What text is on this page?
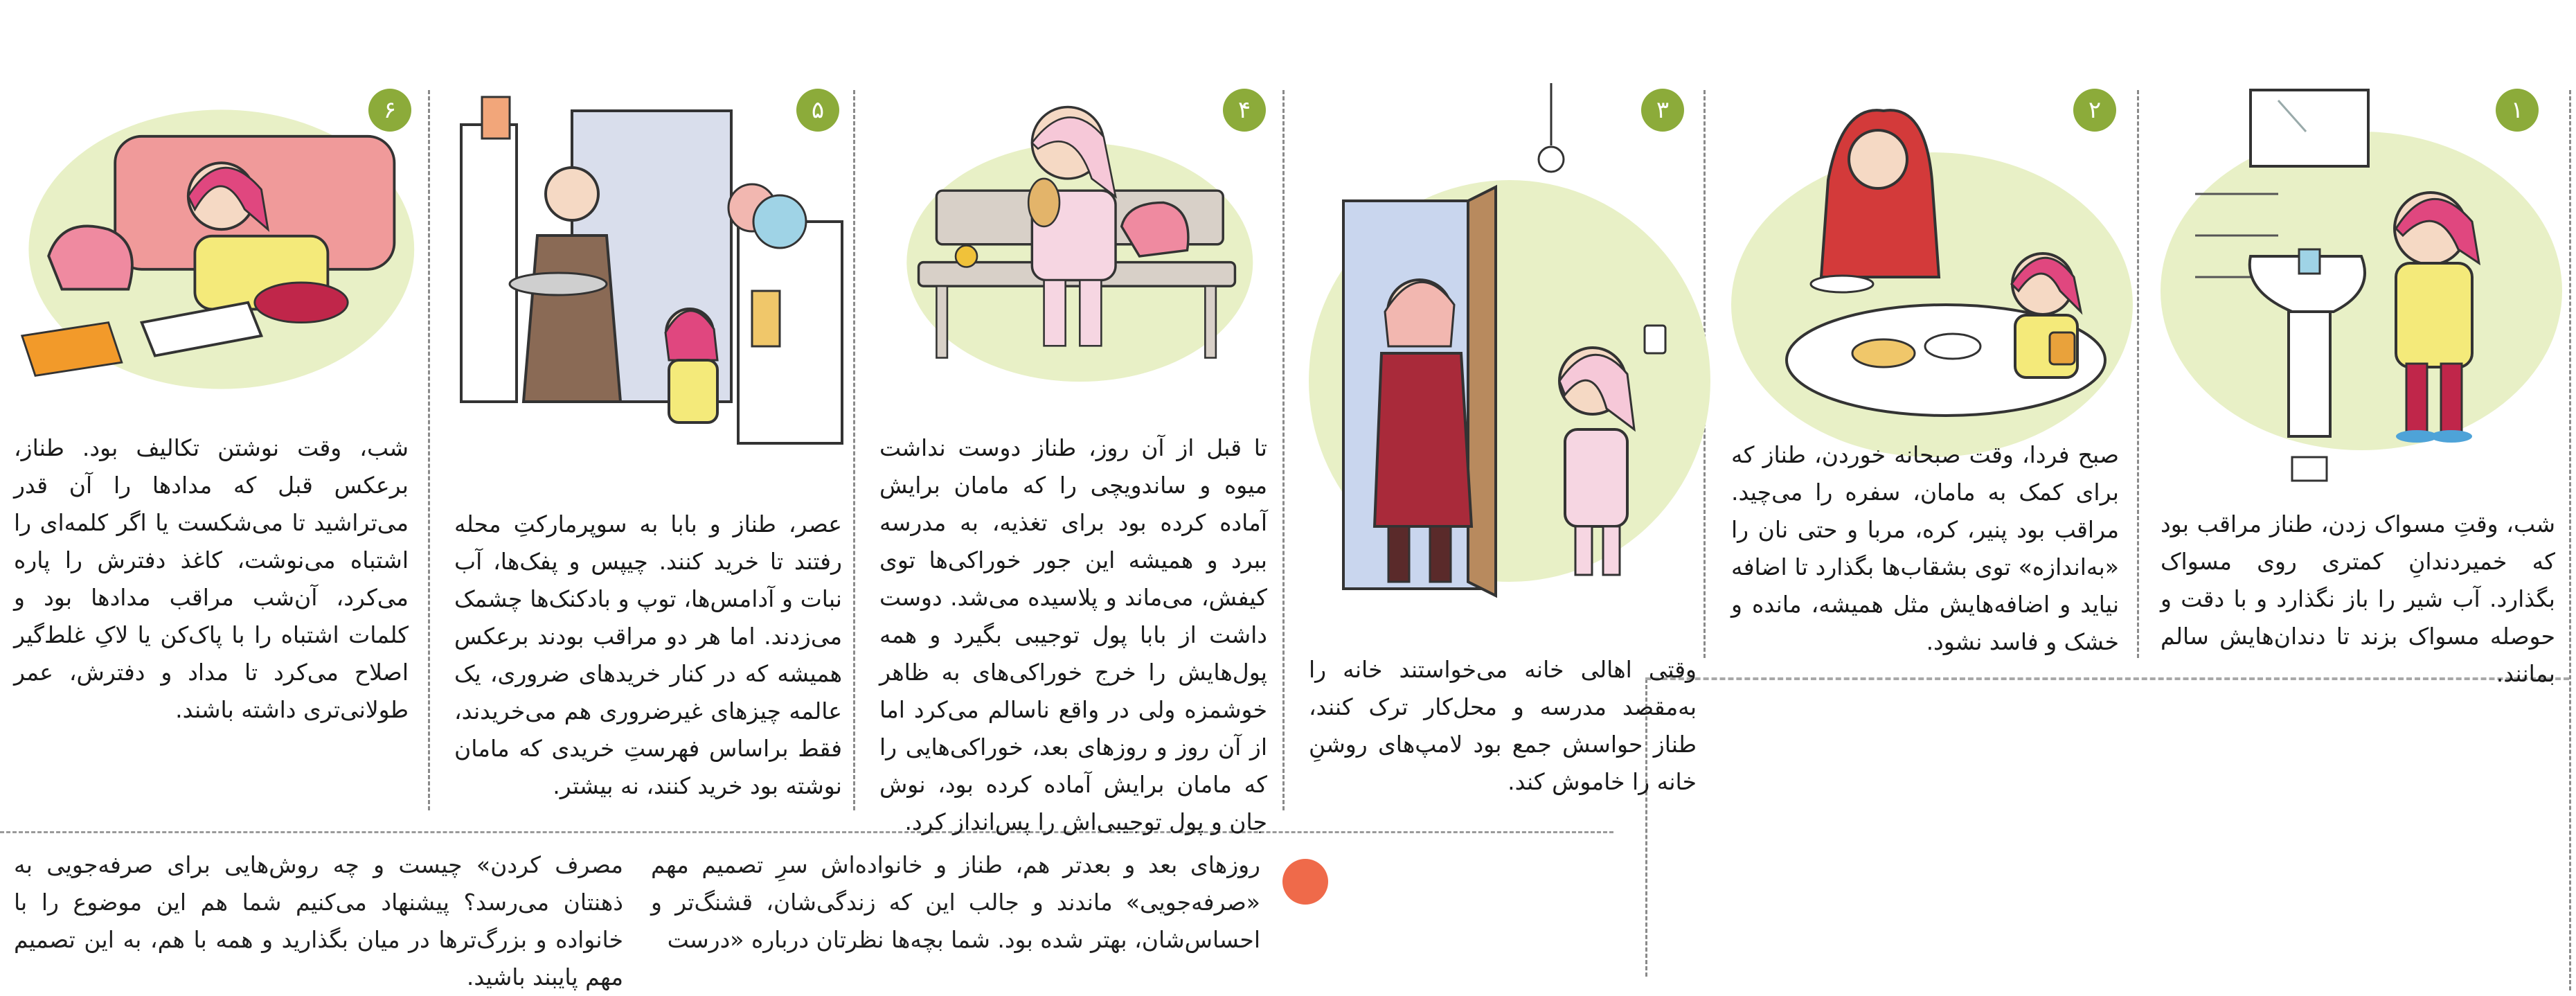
۱

شب، وقتِ مسواک زدن، طناز مراقب بود که خمیردندانِ کمتری روی مسواک بگذارد. آب شیر را باز نگذارد و با دقت و حوصله مسواک بزند تا دندان‌هایش سالم بمانند.

۲

صبح فردا، وقت صبحانه خوردن، طناز که برای کمک به مامان، سفره را می‌چید. مراقب بود پنیر، کره، مربا و حتی نان را «به‌اندازه» توی بشقاب‌ها بگذارد تا اضافه نیاید و اضافه‌هایش مثل همیشه، مانده و خشک و فاسد نشود.

۳

وقتی اهالی خانه می‌خواستند خانه را به‌مقصد مدرسه و محل‌کار ترک کنند، طناز حواسش جمع بود لامپ‌های روشنِ خانه را خاموش کند.

۴

تا قبل از آن روز، طناز دوست نداشت میوه و ساندویچی را که مامان برایش آماده کرده بود برای تغذیه، به مدرسه ببرد و همیشه این جور خوراکی‌ها توی کیفش، می‌ماند و پلاسیده می‌شد. دوست داشت از بابا پول توجیبی بگیرد و همه پول‌هایش را خرج خوراکی‌های به ظاهر خوشمزه ولی در واقع ناسالم می‌کرد اما از آن روز و روزهای بعد، خوراکی‌هایی را که مامان برایش آماده کرده بود، نوش جان و پول توجیبی‌اش را پس‌انداز کرد.

۵

عصر، طناز و بابا به سوپرمارکتِ محله رفتند تا خرید کنند. چیپس و پفک‌ها، آب نبات و آدامس‌ها، توپ و بادکنک‌ها چشمک می‌زدند. اما هر دو مراقب بودند برعکس همیشه که در کنار خریدهای ضروری، یک عالمه چیزهای غیرضروری هم می‌خریدند، فقط براساس فهرستِ خریدی که مامان نوشته بود خرید کنند، نه بیشتر.

۶

شب، وقت نوشتن تکالیف بود. طناز، برعکس قبل که مدادها را آن قدر می‌تراشید تا می‌شکست یا اگر کلمه‌ای را اشتباه می‌نوشت، کاغذ دفترش را پاره می‌کرد، آن‌شب مراقب مدادها بود و کلمات اشتباه را با پاک‌کن یا لاکِ غلط‌گیر اصلاح می‌کرد تا مداد و دفترش، عمر طولانی‌تری داشته باشند.

روزهای بعد و بعدتر هم، طناز و خانواده‌اش سرِ تصمیم مهم «صرفه‌جویی» ماندند و جالب این که زندگی‌شان، قشنگ‌تر و احساس‌شان، بهتر شده بود. شما بچه‌ها نظرتان درباره «درست

مصرف کردن» چیست و چه روش‌هایی برای صرفه‌جویی به ذهنتان می‌رسد؟ پیشنهاد می‌کنیم شما هم این موضوع را با خانواده و بزرگ‌ترها در میان بگذارید و همه با هم، به این تصمیم مهم پایبند باشید.
